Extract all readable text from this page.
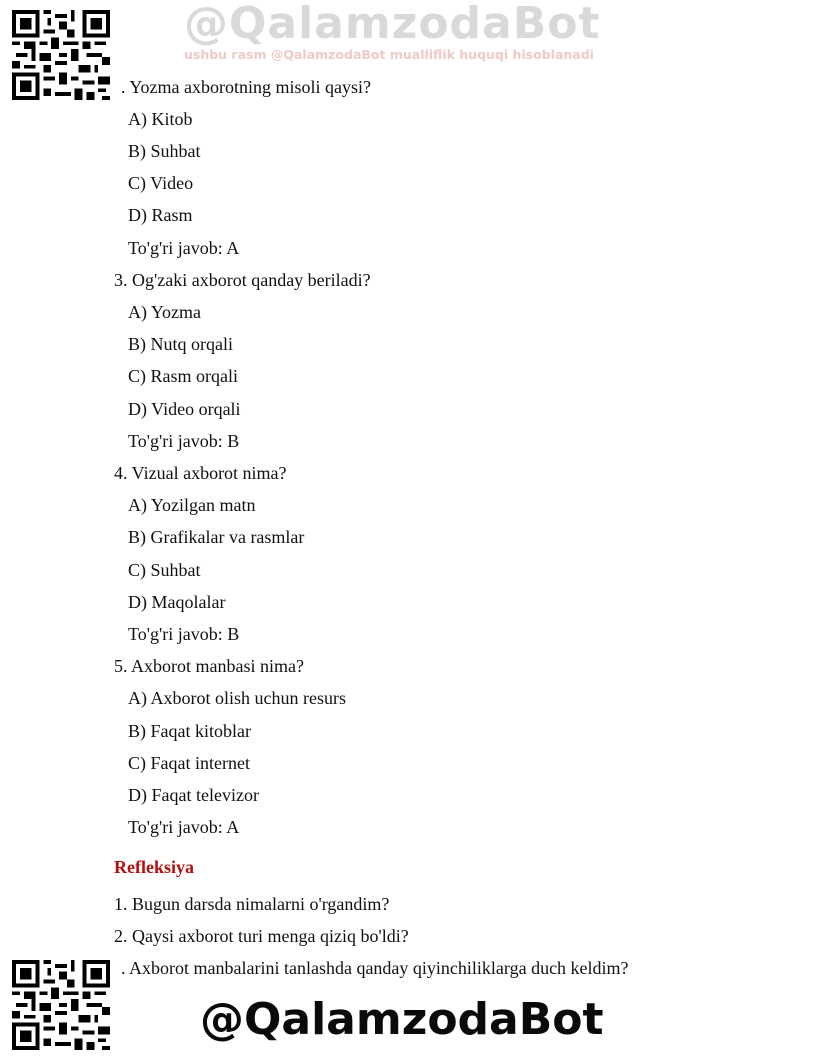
@QalamzodaBot
ushbu rasm @QalamzodaBot mualliflik huquqi hisoblanadi
@QalamzodaBot
. Yozma axborotning misoli qaysi?
A) Kitob
B) Suhbat
C) Video
D) Rasm
To'g'ri javob: A
3. Og'zaki axborot qanday beriladi?
A) Yozma
B) Nutq orqali
C) Rasm orqali
D) Video orqali
To'g'ri javob: B
4. Vizual axborot nima?
A) Yozilgan matn
B) Grafikalar va rasmlar
C) Suhbat
D) Maqolalar
To'g'ri javob: B
5. Axborot manbasi nima?
A) Axborot olish uchun resurs
B) Faqat kitoblar
C) Faqat internet
D) Faqat televizor
To'g'ri javob: A
Refleksiya
1. Bugun darsda nimalarni o'rgandim?
2. Qaysi axborot turi menga qiziq bo'ldi?
. Axborot manbalarini tanlashda qanday qiyinchiliklarga duch keldim?
